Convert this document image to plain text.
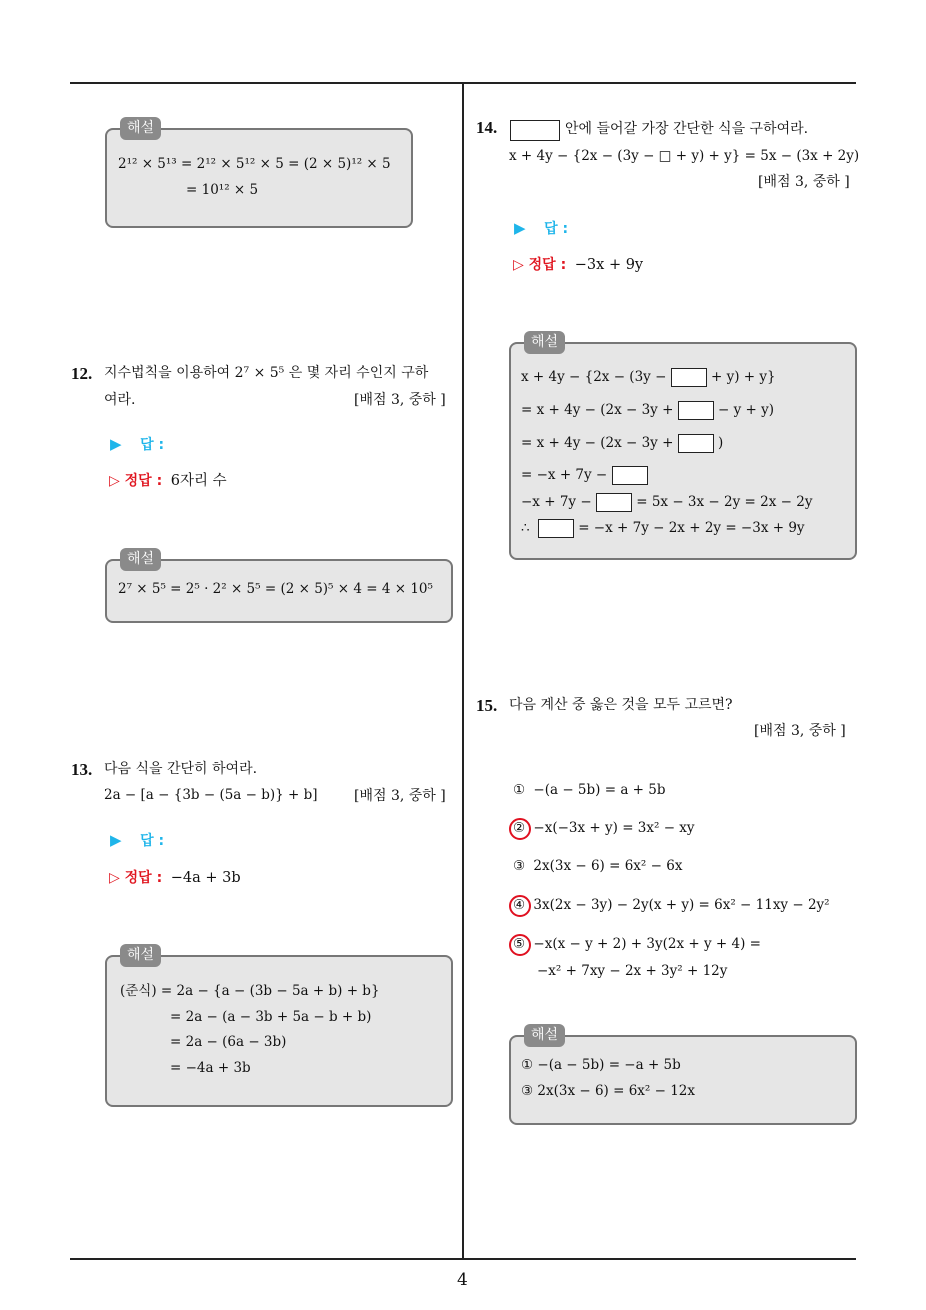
4
해설
2¹² × 5¹³ = 2¹² × 5¹² × 5 = (2 × 5)¹² × 5
= 10¹² × 5
12. 지수법칙을 이용하여 2⁷ × 5⁵ 은 몇 자리 수인지 구하
여라.	[배점 3, 중하 ]
▶ 답 :
▷ 정답 : 6자리 수
해설
2⁷ × 5⁵ = 2⁵ · 2² × 5⁵ = (2 × 5)⁵ × 4 = 4 × 10⁵
13. 다음 식을 간단히 하여라.
2a − [a − {3b − (5a − b)} + b]	[배점 3, 중하 ]
▶ 답 :
▷ 정답 : −4a + 3b
해설
(준식) = 2a − {a − (3b − 5a + b) + b}
= 2a − (a − 3b + 5a − b + b)
= 2a − (6a − 3b)
= −4a + 3b
14.	안에 들어갈 가장 간단한 식을 구하여라.
x + 4y − {2x − (3y − □ + y) + y} = 5x − (3x + 2y)
[배점 3, 중하 ]
▶ 답 :
▷ 정답 : −3x + 9y
해설
x + 4y − {2x − (3y −	+ y) + y}
= x + 4y − (2x − 3y +	− y + y)
= x + 4y − (2x − 3y +	)
= −x + 7y −
−x + 7y −	= 5x − 3x − 2y = 2x − 2y
∴	= −x + 7y − 2x + 2y = −3x + 9y
15. 다음 계산 중 옳은 것을 모두 고르면?
[배점 3, 중하 ]
① −(a − 5b) = a + 5b
② −x(−3x + y) = 3x² − xy
③ 2x(3x − 6) = 6x² − 6x
④ 3x(2x − 3y) − 2y(x + y) = 6x² − 11xy − 2y²
⑤ −x(x − y + 2) + 3y(2x + y + 4) =
−x² + 7xy − 2x + 3y² + 12y
해설
① −(a − 5b) = −a + 5b
③ 2x(3x − 6) = 6x² − 12x
